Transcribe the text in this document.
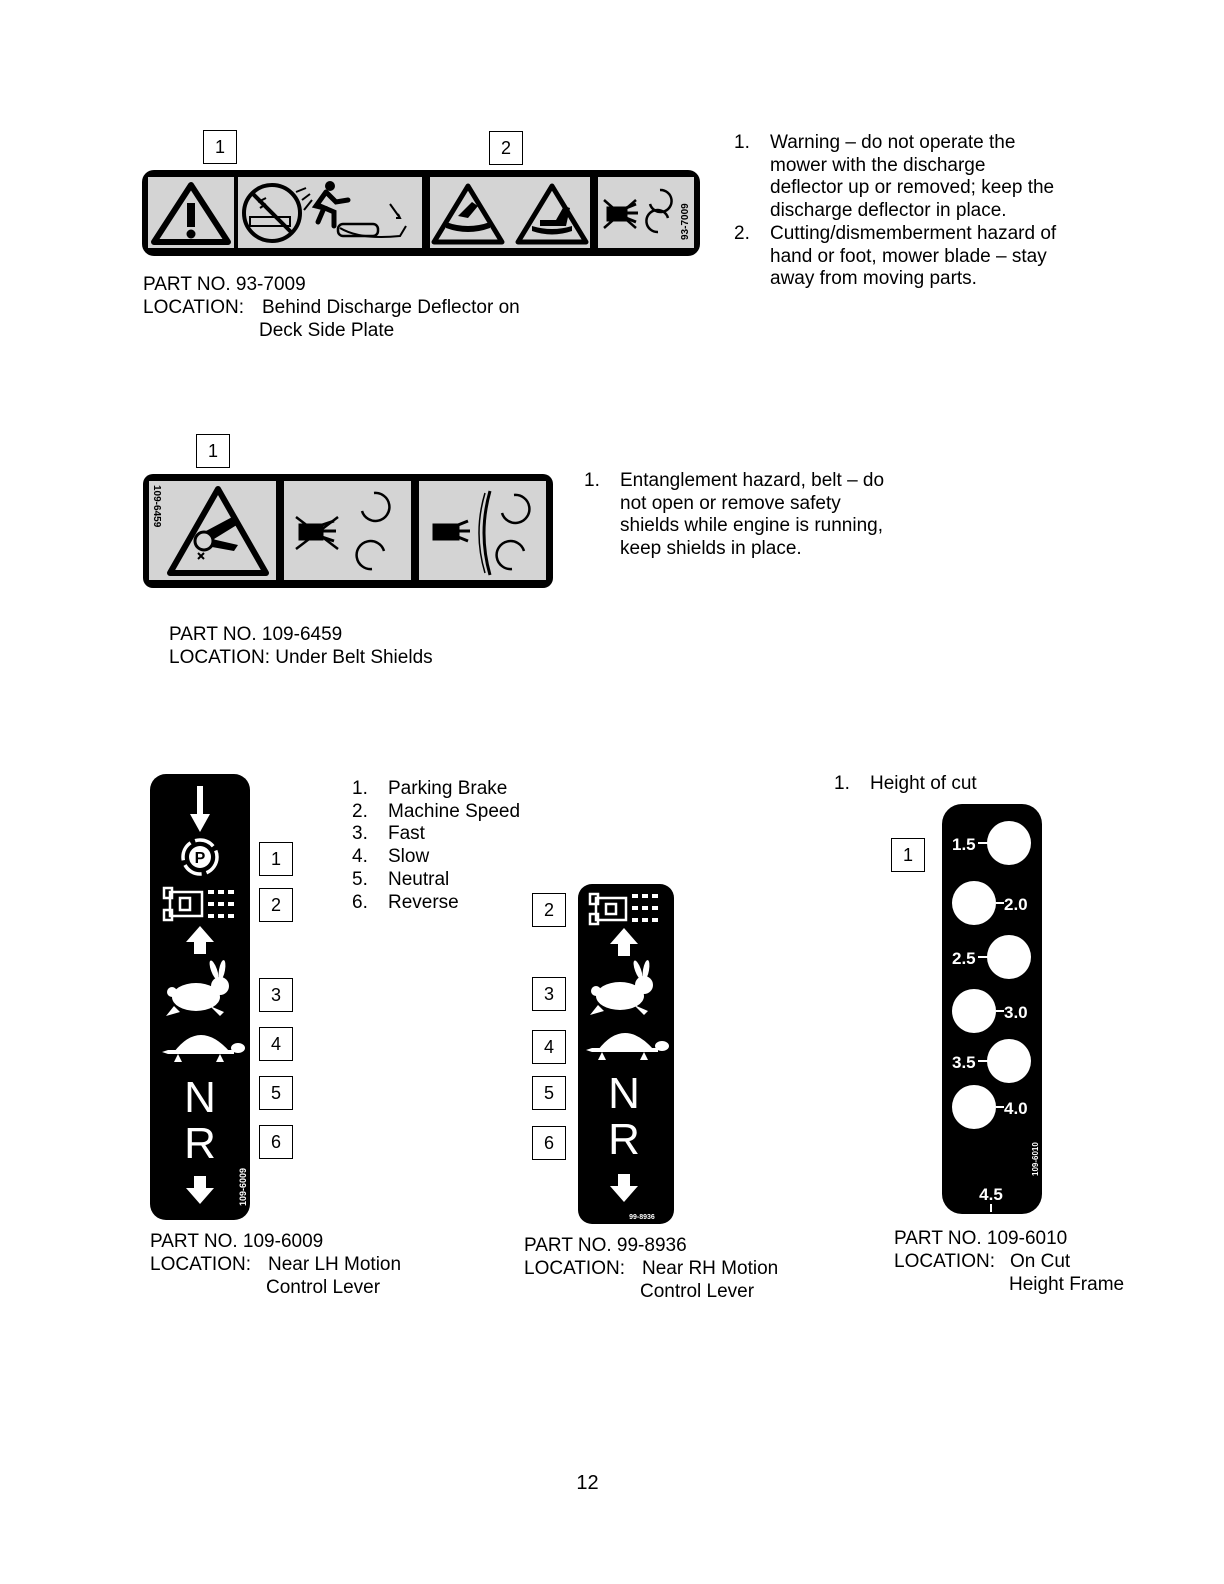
1	2
93-7009
1.	Warning – do not operate the
mower with the discharge
deflector up or removed; keep the
discharge deflector in place.
2.	Cutting/dismemberment hazard of
hand or foot, mower blade – stay
away from moving parts.
PART NO. 93-7009
LOCATION: Behind Discharge Deflector on
Deck Side Plate
1
109-6459
1.	Entanglement hazard, belt – do
not open or remove safety
shields while engine is running,
keep shields in place.
PART NO. 109-6459
LOCATION: Under Belt Shields
P
N
R
109-6009
1
2
3
4
5
6
1.	Parking Brake
2.	Machine Speed
3.	Fast
4.	Slow
5.	Neutral
6.	Reverse
PART NO. 109-6009
LOCATION: Near LH Motion
Control Lever
2
3
4
5
6
N
R
99-8936
PART NO. 99-8936
LOCATION: Near RH Motion
Control Lever
1.	Height of cut
1	1.5
2.0
2.5
3.0
3.5
4.0
4.5
109-6010
PART NO. 109-6010
LOCATION: On Cut
Height Frame
12
